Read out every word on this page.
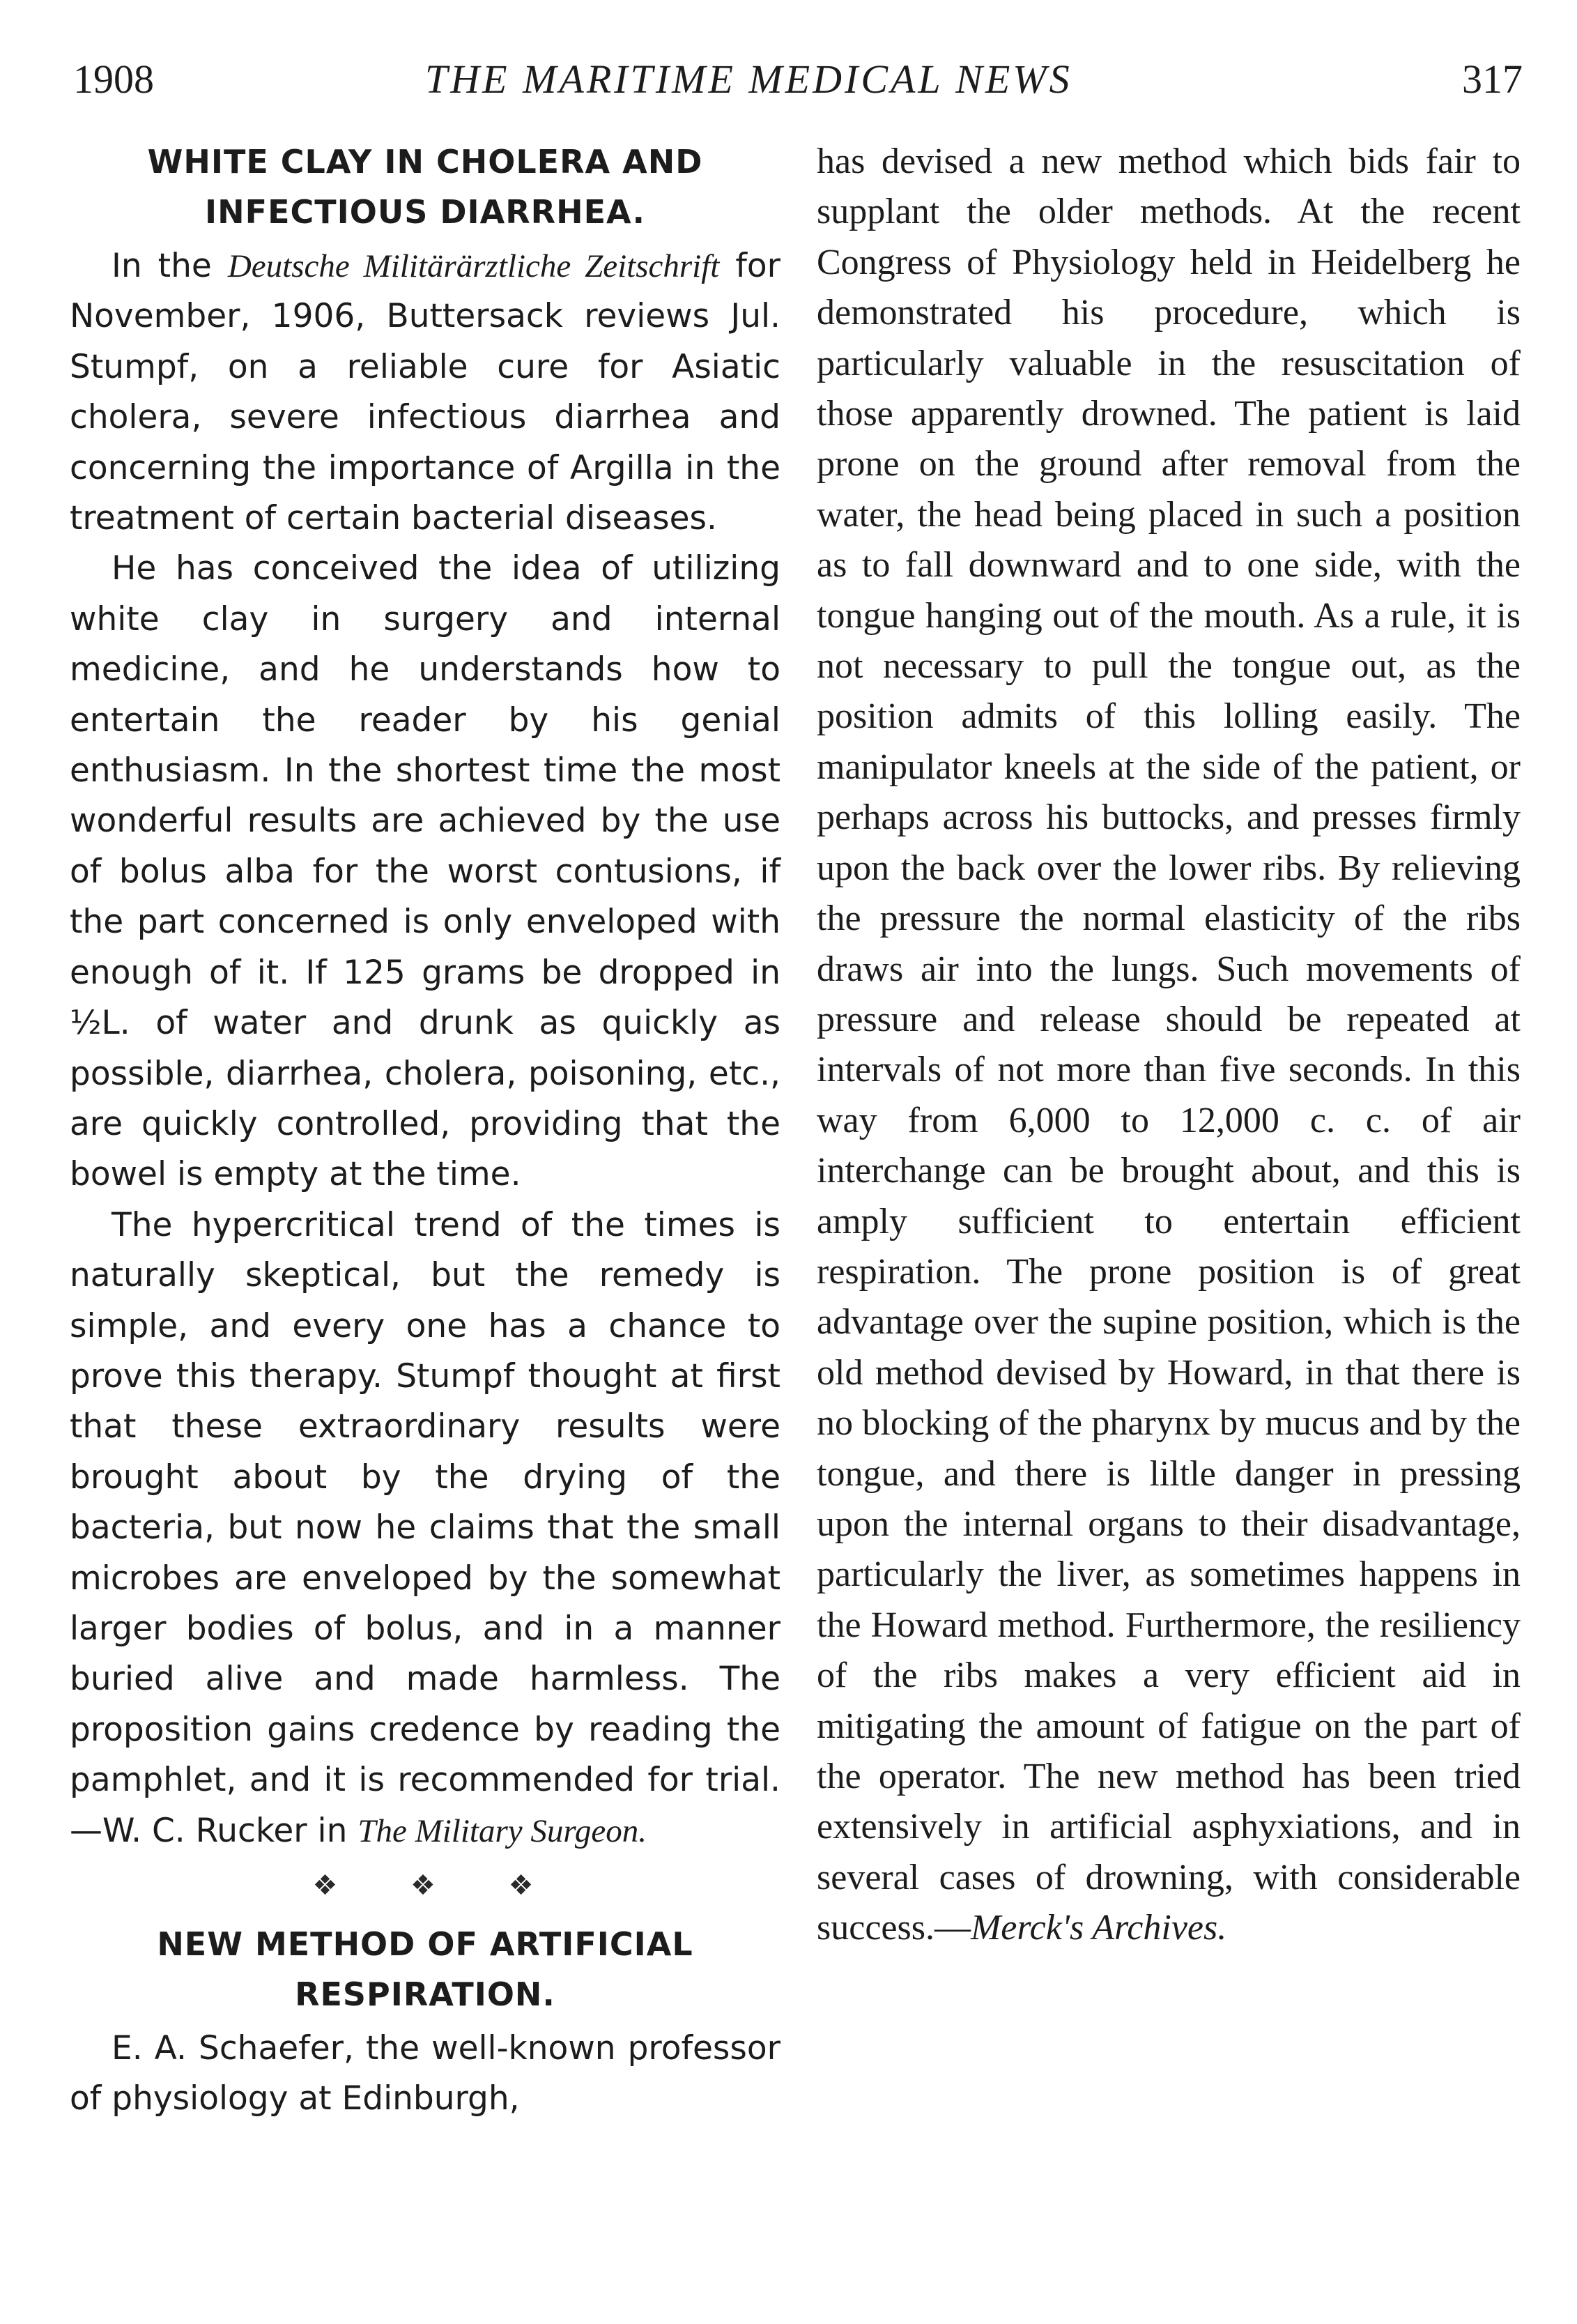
1908	THE MARITIME MEDICAL NEWS	317
WHITE CLAY IN CHOLERA AND
INFECTIOUS DIARRHEA.

In the Deutsche Militärärztliche Zeitschrift for November, 1906, Buttersack reviews Jul. Stumpf, on a reliable cure for Asiatic cholera, severe infectious diarrhea and concerning the importance of Argilla in the treatment of certain bacterial diseases.

He has conceived the idea of utilizing white clay in surgery and internal medicine, and he understands how to entertain the reader by his genial enthusiasm. In the shortest time the most wonderful results are achieved by the use of bolus alba for the worst contusions, if the part concerned is only enveloped with enough of it. If 125 grams be dropped in ½L. of water and drunk as quickly as possible, diarrhea, cholera, poisoning, etc., are quickly controlled, providing that the bowel is empty at the time.

The hypercritical trend of the times is naturally skeptical, but the remedy is simple, and every one has a chance to prove this therapy. Stumpf thought at first that these extraordinary results were brought about by the drying of the bacteria, but now he claims that the small microbes are enveloped by the somewhat larger bodies of bolus, and in a manner buried alive and made harmless. The proposition gains credence by reading the pamphlet, and it is recommended for trial.—W. C. Rucker in The Military Surgeon.

❖ ❖ ❖
NEW METHOD OF ARTIFICIAL
RESPIRATION.

E. A. Schaefer, the well-known professor of physiology at Edinburgh,

has devised a new method which bids fair to supplant the older methods. At the recent Congress of Physiology held in Heidelberg he demonstrated his procedure, which is particularly valuable in the resuscitation of those apparently drowned. The patient is laid prone on the ground after removal from the water, the head being placed in such a position as to fall downward and to one side, with the tongue hanging out of the mouth. As a rule, it is not necessary to pull the tongue out, as the position admits of this lolling easily. The manipulator kneels at the side of the patient, or perhaps across his buttocks, and presses firmly upon the back over the lower ribs. By relieving the pressure the normal elasticity of the ribs draws air into the lungs. Such movements of pressure and release should be repeated at intervals of not more than five seconds. In this way from 6,000 to 12,000 c. c. of air interchange can be brought about, and this is amply sufficient to entertain efficient respiration. The prone position is of great advantage over the supine position, which is the old method devised by Howard, in that there is no blocking of the pharynx by mucus and by the tongue, and there is liltle danger in pressing upon the internal organs to their disadvantage, particularly the liver, as sometimes happens in the Howard method. Furthermore, the resiliency of the ribs makes a very efficient aid in mitigating the amount of fatigue on the part of the operator. The new method has been tried extensively in artificial asphyxiations, and in several cases of drowning, with considerable success.—Merck's Archives.
